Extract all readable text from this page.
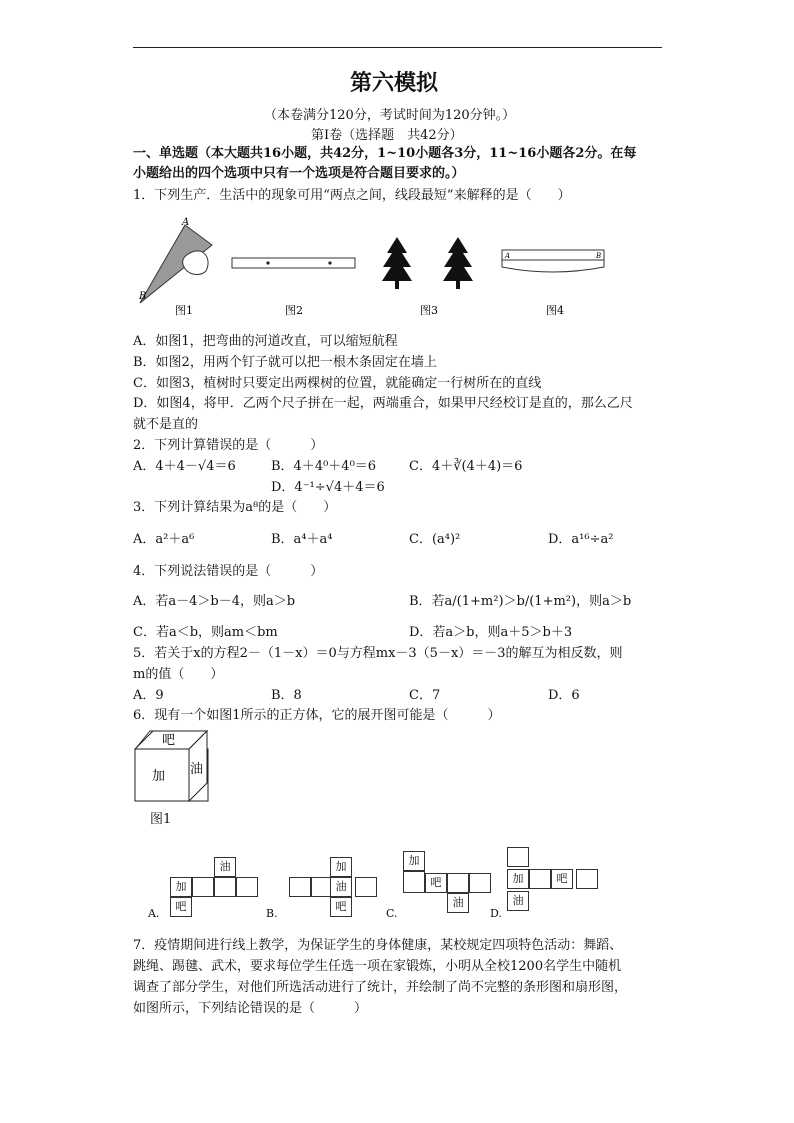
第六模拟
（本卷满分120分，考试时间为120分钟。）
第Ⅰ卷（选择题　共42分）
一、单选题（本大题共16小题，共42分，1~10小题各3分，11~16小题各2分。在每
小题给出的四个选项中只有一个选项是符合题目要求的。）
1．下列生产．生活中的现象可用“两点之间，线段最短”来解释的是（　　）
A
B
图1	图2	图3
A	B
图4
A．如图1，把弯曲的河道改直，可以缩短航程
B．如图2，用两个钉子就可以把一根木条固定在墙上
C．如图3，植树时只要定出两棵树的位置，就能确定一行树所在的直线
D．如图4，将甲．乙两个尺子拼在一起，两端重合，如果甲尺经校订是直的，那么乙尺
就不是直的
2．下列计算错误的是（　　　）
A．4＋4－√4＝6	B．4＋4⁰＋4⁰＝6	C．4＋∛(4＋4)＝6
D．4⁻¹÷√4＋4＝6
3．下列计算结果为a⁸的是（　　）
A．a²＋a⁶	B．a⁴＋a⁴	C．(a⁴)²	D．a¹⁶÷a²
4．下列说法错误的是（　　　）
A．若a－4＞b－4，则a＞b	B．若a/(1+m²)＞b/(1+m²)，则a＞b
C．若a＜b，则am＜bm	D．若a＞b，则a＋5＞b＋3
5．若关于x的方程2－（1－x）＝0与方程mx－3（5－x）＝－3的解互为相反数，则
m的值（　　）
A．9	B．8	C．7	D．6
6．现有一个如图1所示的正方体，它的展开图可能是（　　　）
吧
加 油
图1
油
加
吧
A.
加
油
吧
B.
加
吧
油
C.
加	吧
油
D.
7．疫情期间进行线上教学，为保证学生的身体健康，某校规定四项特色活动：舞蹈、
跳绳、踢毽、武术，要求每位学生任选一项在家锻炼，小明从全校1200名学生中随机
调查了部分学生，对他们所选活动进行了统计，并绘制了尚不完整的条形图和扇形图，
如图所示，下列结论错误的是（　　　）
